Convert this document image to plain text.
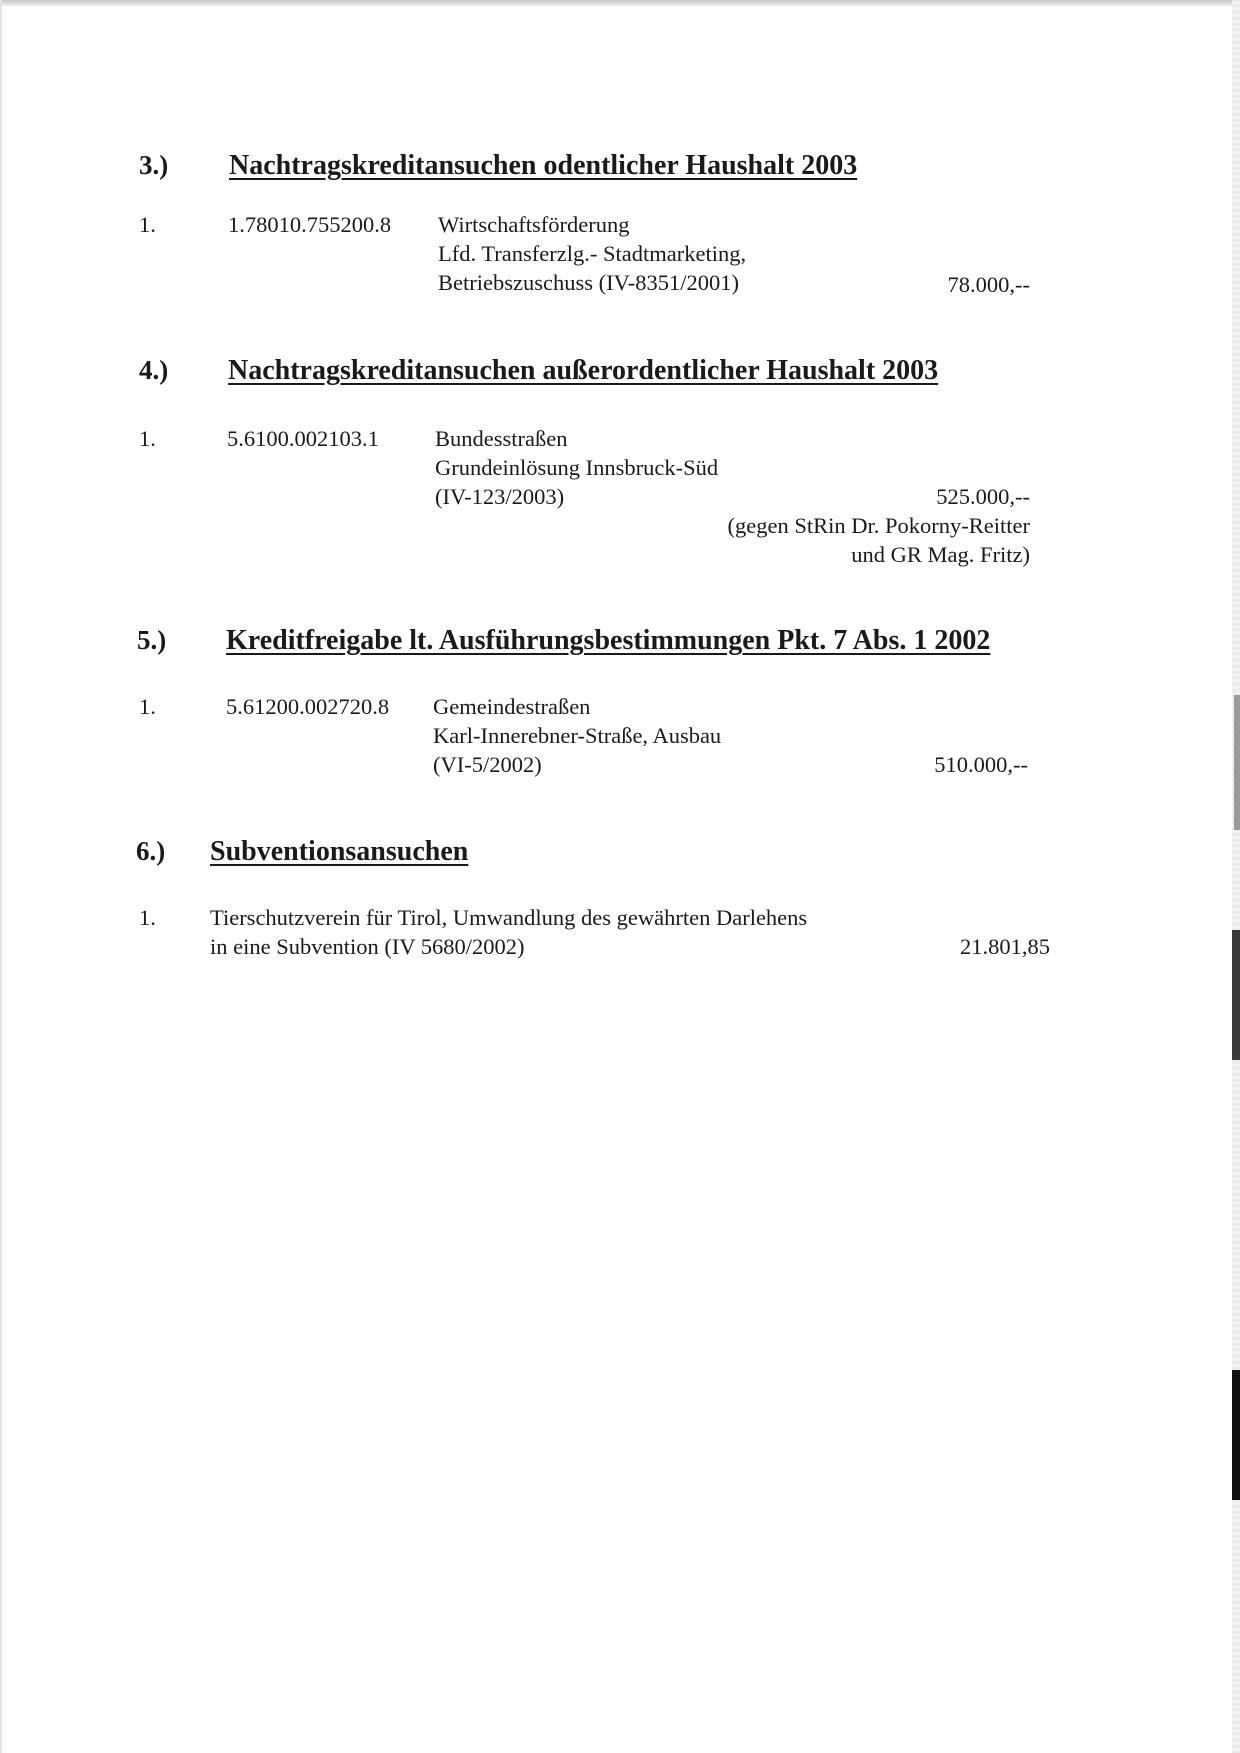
3.) Nachtragskreditansuchen odentlicher Haushalt 2003
1.	1.78010.755200.8 Wirtschaftsförderung
Lfd. Transferzlg.- Stadtmarketing,
Betriebszuschuss (IV-8351/2001)	78.000,--
4.) Nachtragskreditansuchen außerordentlicher Haushalt 2003
1.	5.6100.002103.1 Bundesstraßen
Grundeinlösung Innsbruck-Süd
(IV-123/2003)	525.000,--
(gegen StRin Dr. Pokorny-Reitter
und GR Mag. Fritz)
5.) Kreditfreigabe lt. Ausführungsbestimmungen Pkt. 7 Abs. 1 2002
1.	5.61200.002720.8 Gemeindestraßen
Karl-Innerebner-Straße, Ausbau
(VI-5/2002)	510.000,--
6.) Subventionsansuchen
1. Tierschutzverein für Tirol, Umwandlung des gewährten Darlehens
in eine Subvention (IV 5680/2002)	21.801,85
